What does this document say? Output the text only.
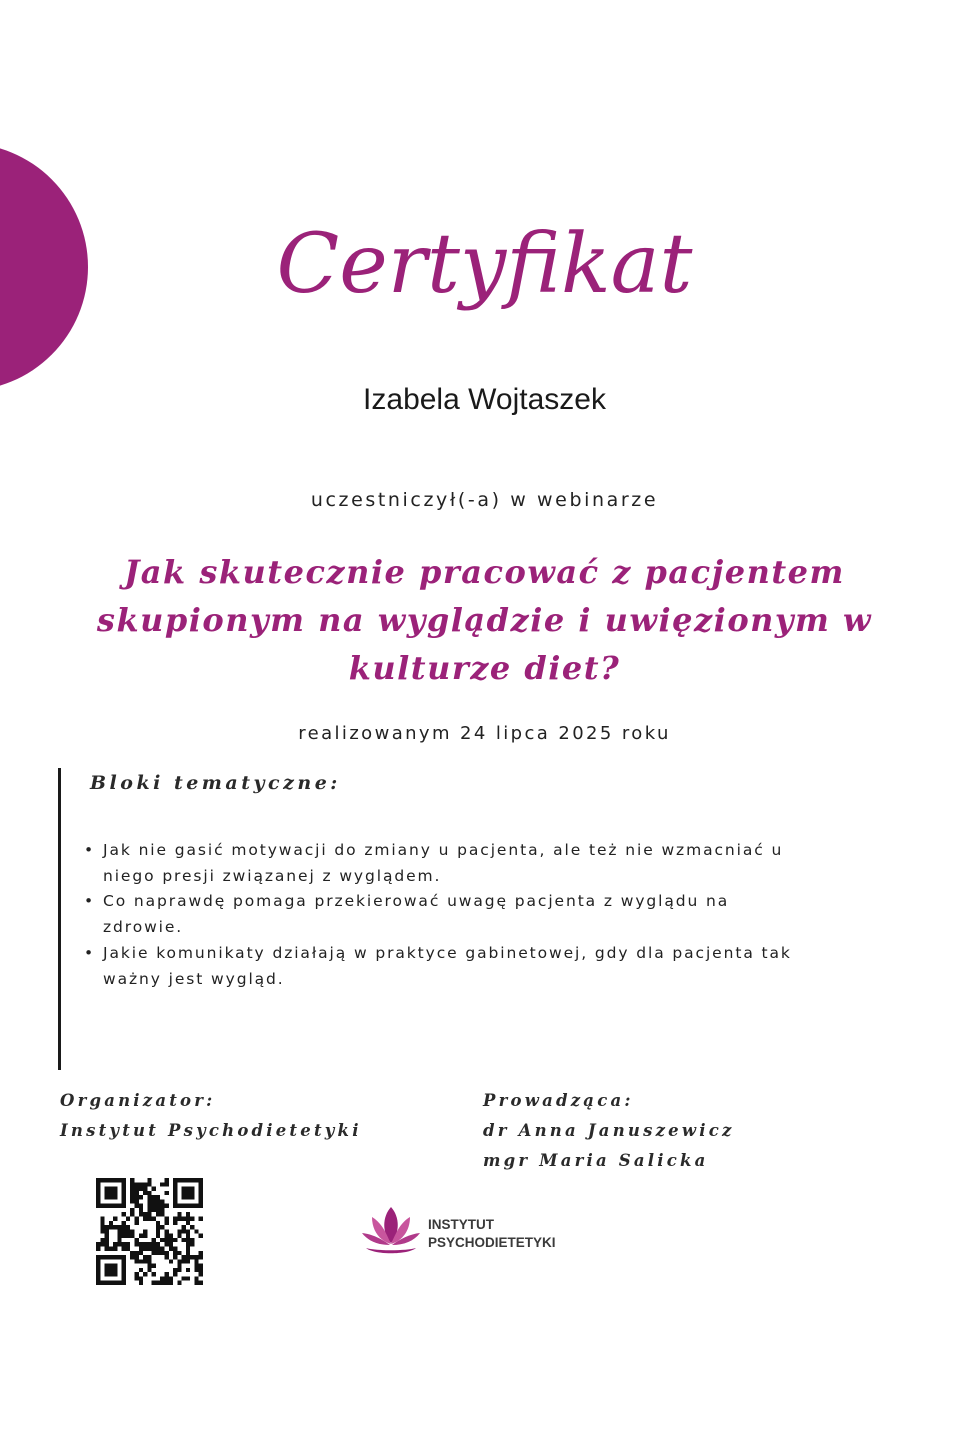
Certyfikat
Izabela Wojtaszek
uczestniczył(-a) w webinarze
Jak skutecznie pracować z pacjentem
skupionym na wyglądzie i uwięzionym w
kulturze diet?
realizowanym 24 lipca 2025 roku
Bloki tematyczne:
• Jak nie gasić motywacji do zmiany u pacjenta, ale też nie wzmacniać u
niego presji związanej z wyglądem.
• Co naprawdę pomaga przekierować uwagę pacjenta z wyglądu na
zdrowie.
• Jakie komunikaty działają w praktyce gabinetowej, gdy dla pacjenta tak
ważny jest wygląd.
Organizator:
Instytut Psychodietetyki
Prowadząca:
dr Anna Januszewicz
mgr Maria Salicka
INSTYTUT
PSYCHODIETETYKI
